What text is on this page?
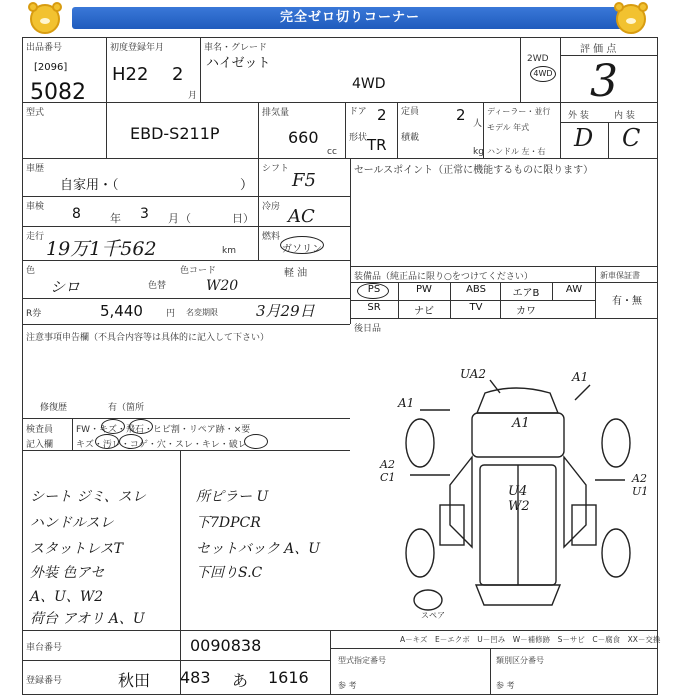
完全ゼロ切りコーナー
出品番号	初度登録年月	車名・グレード
2WD
4WD
評 価 点
[2096]
5082
H22 2
月
ハイゼット
4WD	3
型式
EBD-S211P
排気量
660
cc
ドア 2
形状 TR
定員 2 人
積載
kg
ディーラー・並行
モデル 年式
ハンドル 左・右
外 装	内 装
D C
車歴
自家用・（	）
シフト
F5	セールスポイント（正常に機能するものに限ります）
車検 8	年 3 月 （	日）
冷房 AC
走行
19万1千562	km
燃料
ガソリン
軽 油
色
シロ	色替
色コード
W20
装備品（純正品に限り○をつけてください）	新車保証書
PS	PW	ABS	エアB	AW
SR	ナビ	TV	カワ
有・無
R券	5,440	円 名変期限	3月29日
後日品
注意事項申告欄（不具合内容等は具体的に記入して下さい）
修復歴	有（箇所
検査員
記入欄
FW・キズ・飛石・ヒビ割・リペア跡・×要
キズ・汚レ・コゲ・穴・スレ・キレ・破レ
シート ジミ、スレ
ハンドルスレ
スタットレスT
外装 色アセ
A、U、W2
荷台 アオリ A、U
所ピラー U
下7DPCR
セットバック A、U
下回りS.C
UA2	A1
A1
A1
A2 C1	A2 U1
U4 W2
スペア
A－キズ　E－エクボ　U－凹み　W－補修跡　S－サビ　C－腐食　XX－交換
車台番号	0090838
登録番号	秋田 483 あ 1616
型式指定番号
参 考
類別区分番号
参 考
